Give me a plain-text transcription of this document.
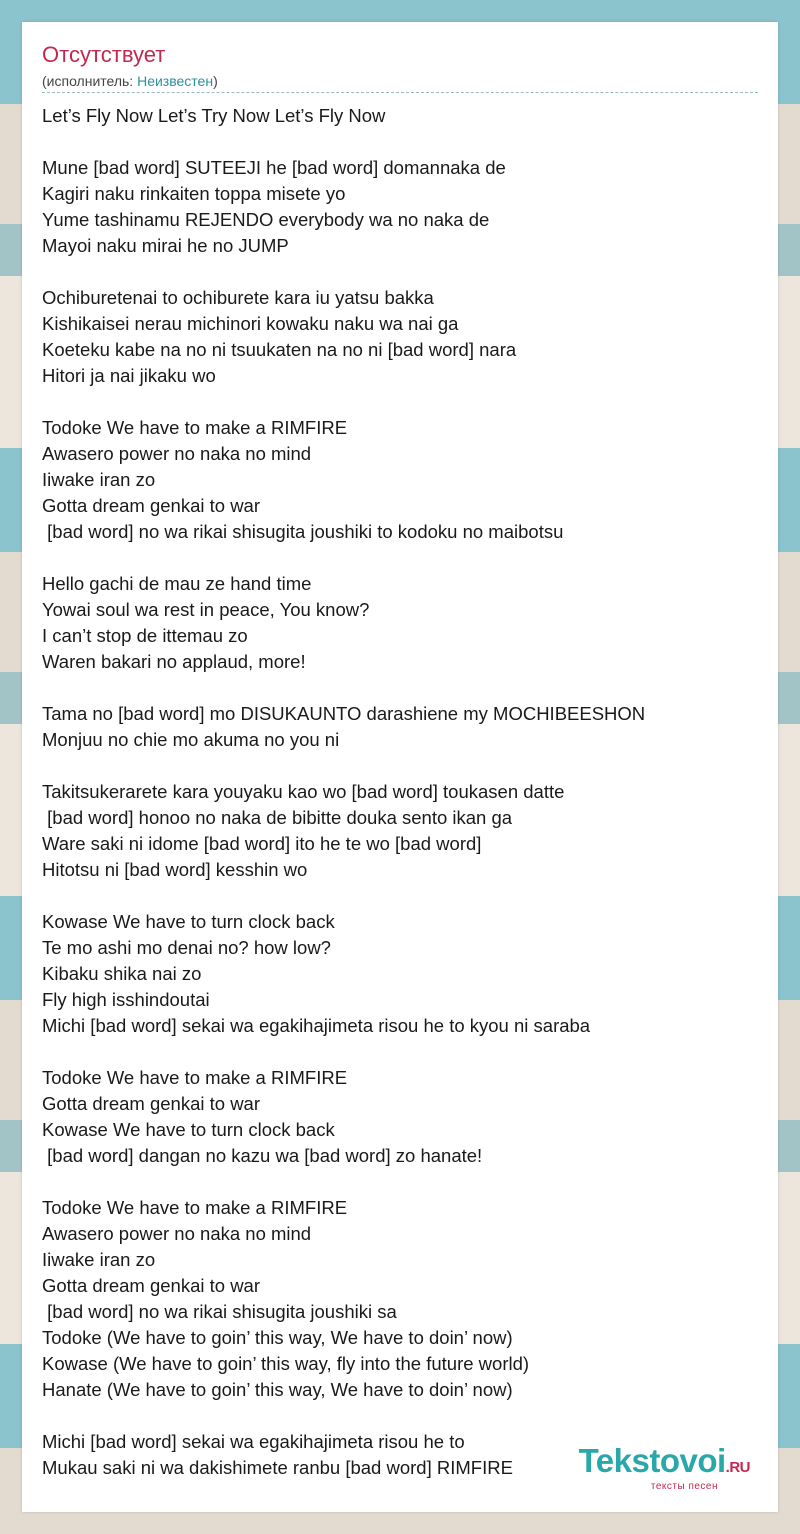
Отсутствует
(исполнитель: Неизвестен)
Let’s Fly Now Let’s Try Now Let’s Fly Now
Mune [bad word] SUTEEJI he [bad word] domannaka de
Kagiri naku rinkaiten toppa misete yo
Yume tashinamu REJENDO everybody wa no naka de
Mayoi naku mirai he no JUMP
Ochiburetenai to ochiburete kara iu yatsu bakka
Kishikaisei nerau michinori kowaku naku wa nai ga
Koeteku kabe na no ni tsuukaten na no ni [bad word] nara
Hitori ja nai jikaku wo
Todoke We have to make a RIMFIRE
Awasero power no naka no mind
Iiwake iran zo
Gotta dream genkai to war
[bad word] no wa rikai shisugita joushiki to kodoku no maibotsu
Hello gachi de mau ze hand time
Yowai soul wa rest in peace, You know?
I can’t stop de ittemau zo
Waren bakari no applaud, more!
Tama no [bad word] mo DISUKAUNTO darashiene my MOCHIBEESHON
Monjuu no chie mo akuma no you ni
Takitsukerarete kara youyaku kao wo [bad word] toukasen datte
[bad word] honoo no naka de bibitte douka sento ikan ga
Ware saki ni idome [bad word] ito he te wo [bad word]
Hitotsu ni [bad word] kesshin wo
Kowase We have to turn clock back
Te mo ashi mo denai no? how low?
Kibaku shika nai zo
Fly high isshindoutai
Michi [bad word] sekai wa egakihajimeta risou he to kyou ni saraba
Todoke We have to make a RIMFIRE
Gotta dream genkai to war
Kowase We have to turn clock back
[bad word] dangan no kazu wa [bad word] zo hanate!
Todoke We have to make a RIMFIRE
Awasero power no naka no mind
Iiwake iran zo
Gotta dream genkai to war
[bad word] no wa rikai shisugita joushiki sa
Todoke (We have to goin’ this way, We have to doin’ now)
Kowase (We have to goin’ this way, fly into the future world)
Hanate (We have to goin’ this way, We have to doin’ now)
Michi [bad word] sekai wa egakihajimeta risou he to
Mukau saki ni wa dakishimete ranbu [bad word] RIMFIRE	Tekstovoi.RU
тексты песен
